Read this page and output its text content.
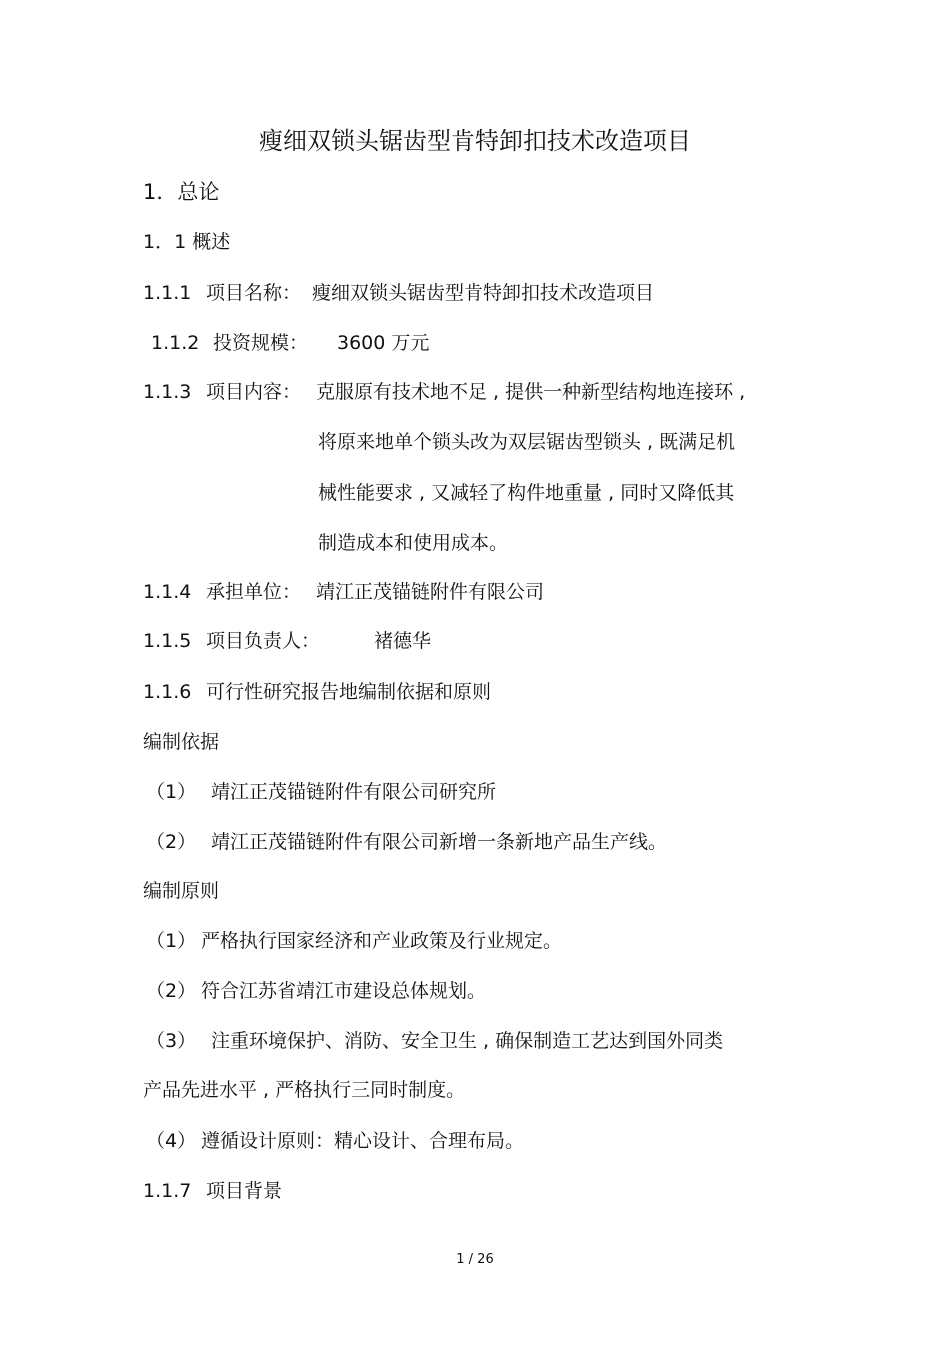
瘦细双锁头锯齿型肯特卸扣技术改造项目
1．总论
1．1 概述
1.1.1 项目名称： 瘦细双锁头锯齿型肯特卸扣技术改造项目
1.1.2 投资规模： 3600 万元
1.1.3 项目内容： 克服原有技术地不足 , 提供一种新型结构地连接环 ,
将原来地单个锁头改为双层锯齿型锁头 , 既满足机
械性能要求 , 又减轻了构件地重量 , 同时又降低其
制造成本和使用成本。
1.1.4 承担单位： 靖江正茂锚链附件有限公司
1.1.5 项目负责人：	褚德华
1.1.6 可行性研究报告地编制依据和原则
编制依据
（1） 靖江正茂锚链附件有限公司研究所
（2） 靖江正茂锚链附件有限公司新增一条新地产品生产线。
编制原则
（1） 严格执行国家经济和产业政策及行业规定。
（2） 符合江苏省靖江市建设总体规划。
（3） 注重环境保护、消防、安全卫生 , 确保制造工艺达到国外同类
产品先进水平 , 严格执行三同时制度。
（4） 遵循设计原则：精心设计、合理布局。
1.1.7 项目背景
1 / 26
